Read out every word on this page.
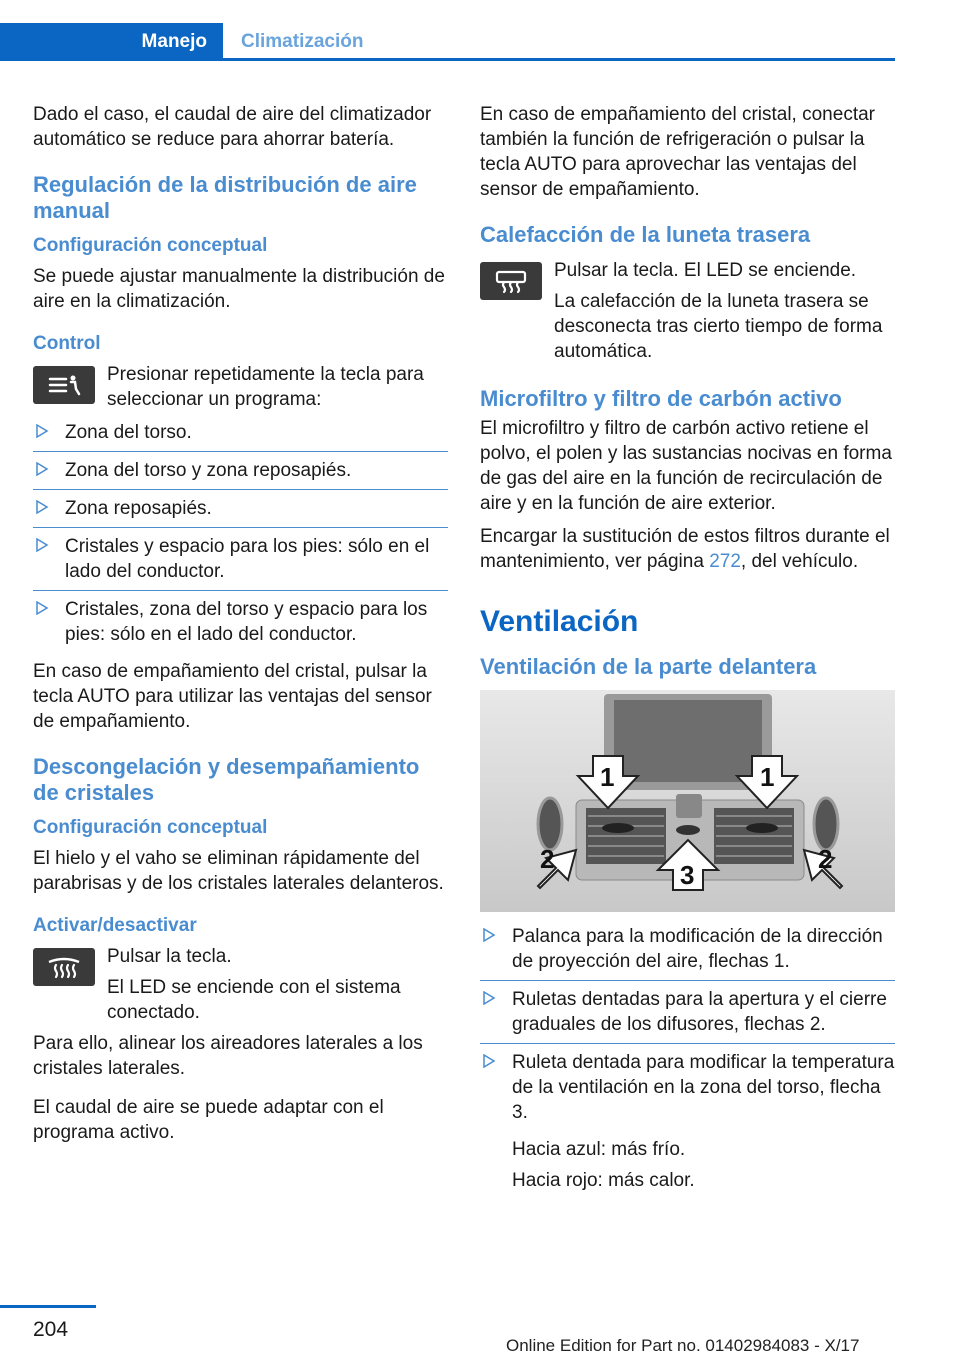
Manejo	Climatización

Dado el caso, el caudal de aire del climatizador automático se reduce para ahorrar batería.

Regulación de la distribución de aire manual
Configuración conceptual

Se puede ajustar manualmente la distribución de aire en la climatización.

Control
Presionar repetidamente la tecla para seleccionar un programa:
Zona del torso.
Zona del torso y zona reposapiés.
Zona reposapiés.
Cristales y espacio para los pies: sólo en el lado del conductor.
Cristales, zona del torso y espacio para los pies: sólo en el lado del conductor.

En caso de empañamiento del cristal, pulsar la tecla AUTO para utilizar las ventajas del sensor de empañamiento.

Descongelación y desempañamiento de cristales
Configuración conceptual

El hielo y el vaho se eliminan rápidamente del parabrisas y de los cristales laterales delanteros.

Activar/desactivar
Pulsar la tecla.
El LED se enciende con el sistema conectado.

Para ello, alinear los aireadores laterales a los cristales laterales.

El caudal de aire se puede adaptar con el programa activo.

En caso de empañamiento del cristal, conectar también la función de refrigeración o pulsar la tecla AUTO para aprovechar las ventajas del sensor de empañamiento.

Calefacción de la luneta trasera
Pulsar la tecla. El LED se enciende.
La calefacción de la luneta trasera se desconecta tras cierto tiempo de forma automática.
Microfiltro y filtro de carbón activo

El microfiltro y filtro de carbón activo retiene el polvo, el polen y las sustancias nocivas en forma de gas del aire en la función de recirculación de aire y en la función de aire exterior.

Encargar la sustitución de estos filtros durante el mantenimiento, ver página 272, del vehículo.

Ventilación
Ventilación de la parte delantera
1	1
2
3
2
Palanca para la modificación de la dirección de proyección del aire, flechas 1.
Ruletas dentadas para la apertura y el cierre graduales de los difusores, flechas 2.
Ruleta dentada para modificar la temperatura de la ventilación en la zona del torso, flecha 3.

Hacia azul: más frío.

Hacia rojo: más calor.

204
Online Edition for Part no. 01402984083 - X/17
